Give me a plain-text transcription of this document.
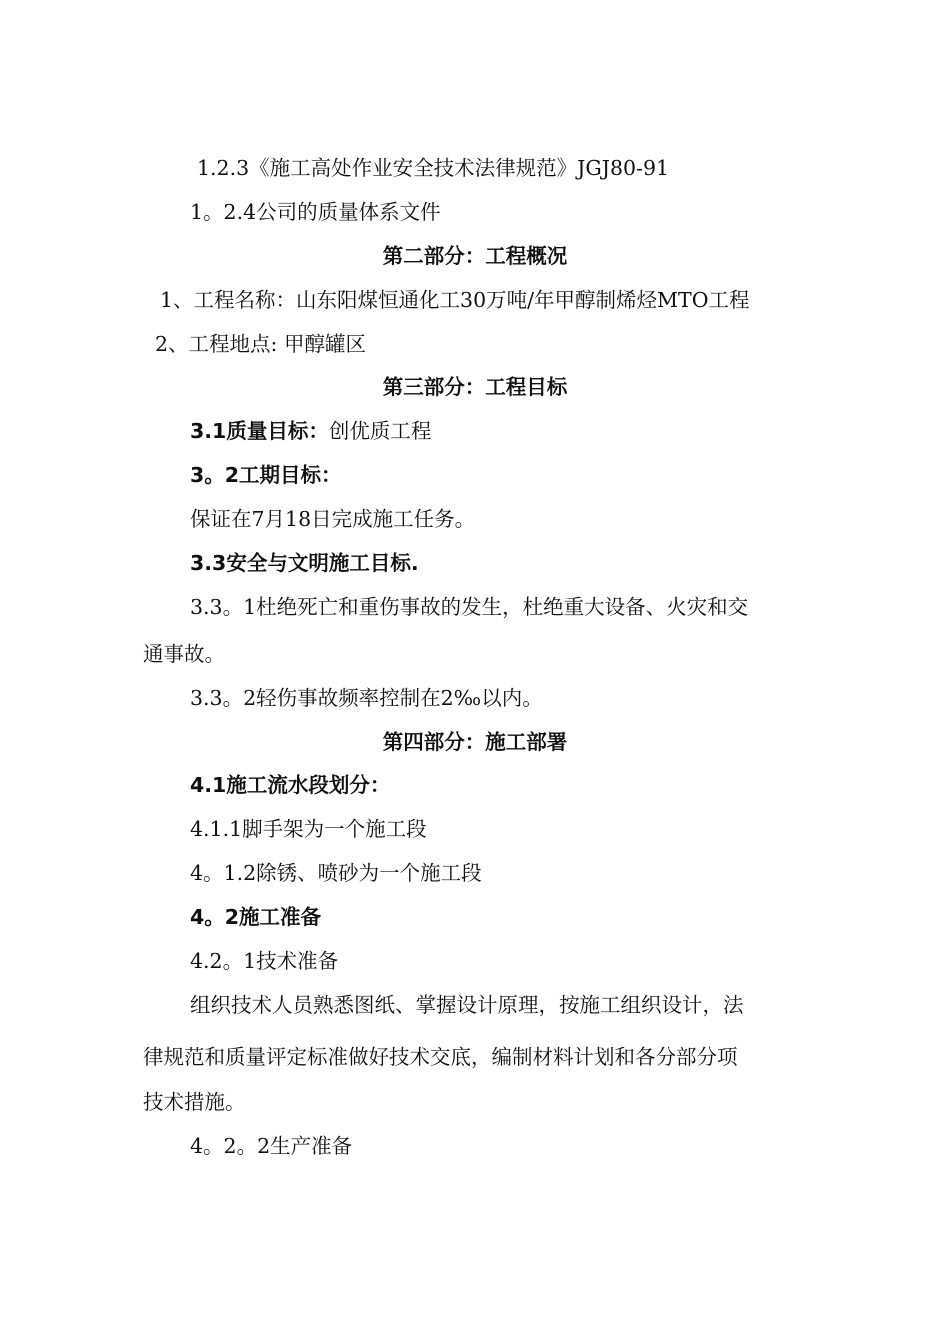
1.2.3《施工高处作业安全技术法律规范》JGJ80-91
1。2.4公司的质量体系文件
第二部分：工程概况
1、工程名称：山东阳煤恒通化工30万吨/年甲醇制烯烃MTO工程
2、工程地点: 甲醇罐区
第三部分：工程目标
3.1质量目标：创优质工程
3。2工期目标：
保证在7月18日完成施工任务。
3.3安全与文明施工目标.
3.3。1杜绝死亡和重伤事故的发生，杜绝重大设备、火灾和交
通事故。
3.3。2轻伤事故频率控制在2‰以内。
第四部分：施工部署
4.1施工流水段划分：
4.1.1脚手架为一个施工段
4。1.2除锈、喷砂为一个施工段
4。2施工准备
4.2。1技术准备
组织技术人员熟悉图纸、掌握设计原理，按施工组织设计，法
律规范和质量评定标准做好技术交底，编制材料计划和各分部分项
技术措施。
4。2。2生产准备
